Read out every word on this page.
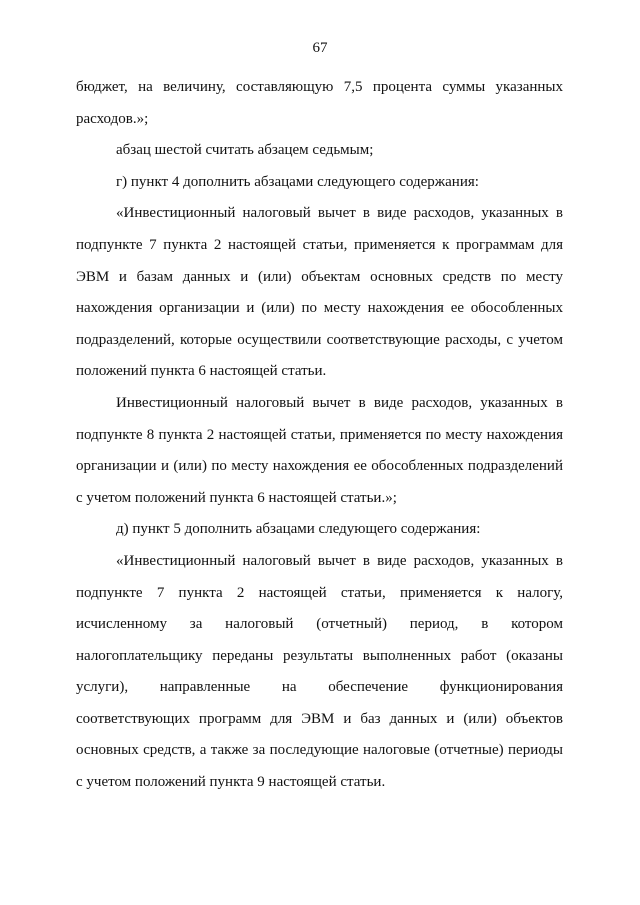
67

бюджет, на величину, составляющую 7,5 процента суммы указанных расходов.»;

абзац шестой считать абзацем седьмым;

г) пункт 4 дополнить абзацами следующего содержания:

«Инвестиционный налоговый вычет в виде расходов, указанных в подпункте 7 пункта 2 настоящей статьи, применяется к программам для ЭВМ и базам данных и (или) объектам основных средств по месту нахождения организации и (или) по месту нахождения ее обособленных подразделений, которые осуществили соответствующие расходы, с учетом положений пункта 6 настоящей статьи.

Инвестиционный налоговый вычет в виде расходов, указанных в подпункте 8 пункта 2 настоящей статьи, применяется по месту нахождения организации и (или) по месту нахождения ее обособленных подразделений с учетом положений пункта 6 настоящей статьи.»;

д) пункт 5 дополнить абзацами следующего содержания:

«Инвестиционный налоговый вычет в виде расходов, указанных в подпункте 7 пункта 2 настоящей статьи, применяется к налогу, исчисленному за налоговый (отчетный) период, в котором налогоплательщику переданы результаты выполненных работ (оказаны услуги), направленные на обеспечение функционирования соответствующих программ для ЭВМ и баз данных и (или) объектов основных средств, а также за последующие налоговые (отчетные) периоды с учетом положений пункта 9 настоящей статьи.
